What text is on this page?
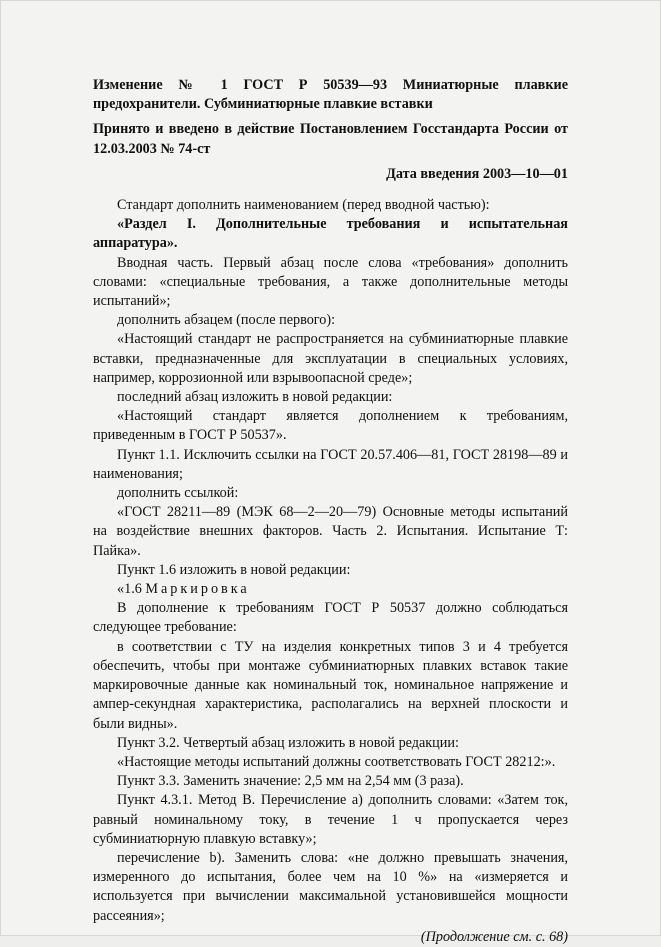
Изменение № 1 ГОСТ Р 50539—93 Миниатюрные плавкие предохранители. Субминиатюрные плавкие вставки

Принято и введено в действие Постановлением Госстандарта России от 12.03.2003 № 74-ст

Дата введения 2003—10—01

Стандарт дополнить наименованием (перед вводной частью):

«Раздел I. Дополнительные требования и испытательная аппаратура».

Вводная часть. Первый абзац после слова «требования» дополнить словами: «специальные требования, а также дополнительные методы испытаний»;

дополнить абзацем (после первого):

«Настоящий стандарт не распространяется на субминиатюрные плавкие вставки, предназначенные для эксплуатации в специальных условиях, например, коррозионной или взрывоопасной среде»;

последний абзац изложить в новой редакции:

«Настоящий стандарт является дополнением к требованиям, приведенным в ГОСТ Р 50537».

Пункт 1.1. Исключить ссылки на ГОСТ 20.57.406—81, ГОСТ 28198—89 и наименования;

дополнить ссылкой:

«ГОСТ 28211—89 (МЭК 68—2—20—79) Основные методы испытаний на воздействие внешних факторов. Часть 2. Испытания. Испытание Т: Пайка».

Пункт 1.6 изложить в новой редакции:

«1.6 Маркировка

В дополнение к требованиям ГОСТ Р 50537 должно соблюдаться следующее требование:

в соответствии с ТУ на изделия конкретных типов 3 и 4 требуется обеспечить, чтобы при монтаже субминиатюрных плавких вставок такие маркировочные данные как номинальный ток, номинальное напряжение и ампер-секундная характеристика, располагались на верхней плоскости и были видны».

Пункт 3.2. Четвертый абзац изложить в новой редакции:

«Настоящие методы испытаний должны соответствовать ГОСТ 28212:».

Пункт 3.3. Заменить значение: 2,5 мм на 2,54 мм (3 раза).

Пункт 4.3.1. Метод В. Перечисление а) дополнить словами: «Затем ток, равный номинальному току, в течение 1 ч пропускается через субминиатюрную плавкую вставку»;

перечисление b). Заменить слова: «не должно превышать значения, измеренного до испытания, более чем на 10 %» на «измеряется и используется при вычислении максимальной установившейся мощности рассеяния»;

(Продолжение см. с. 68)
